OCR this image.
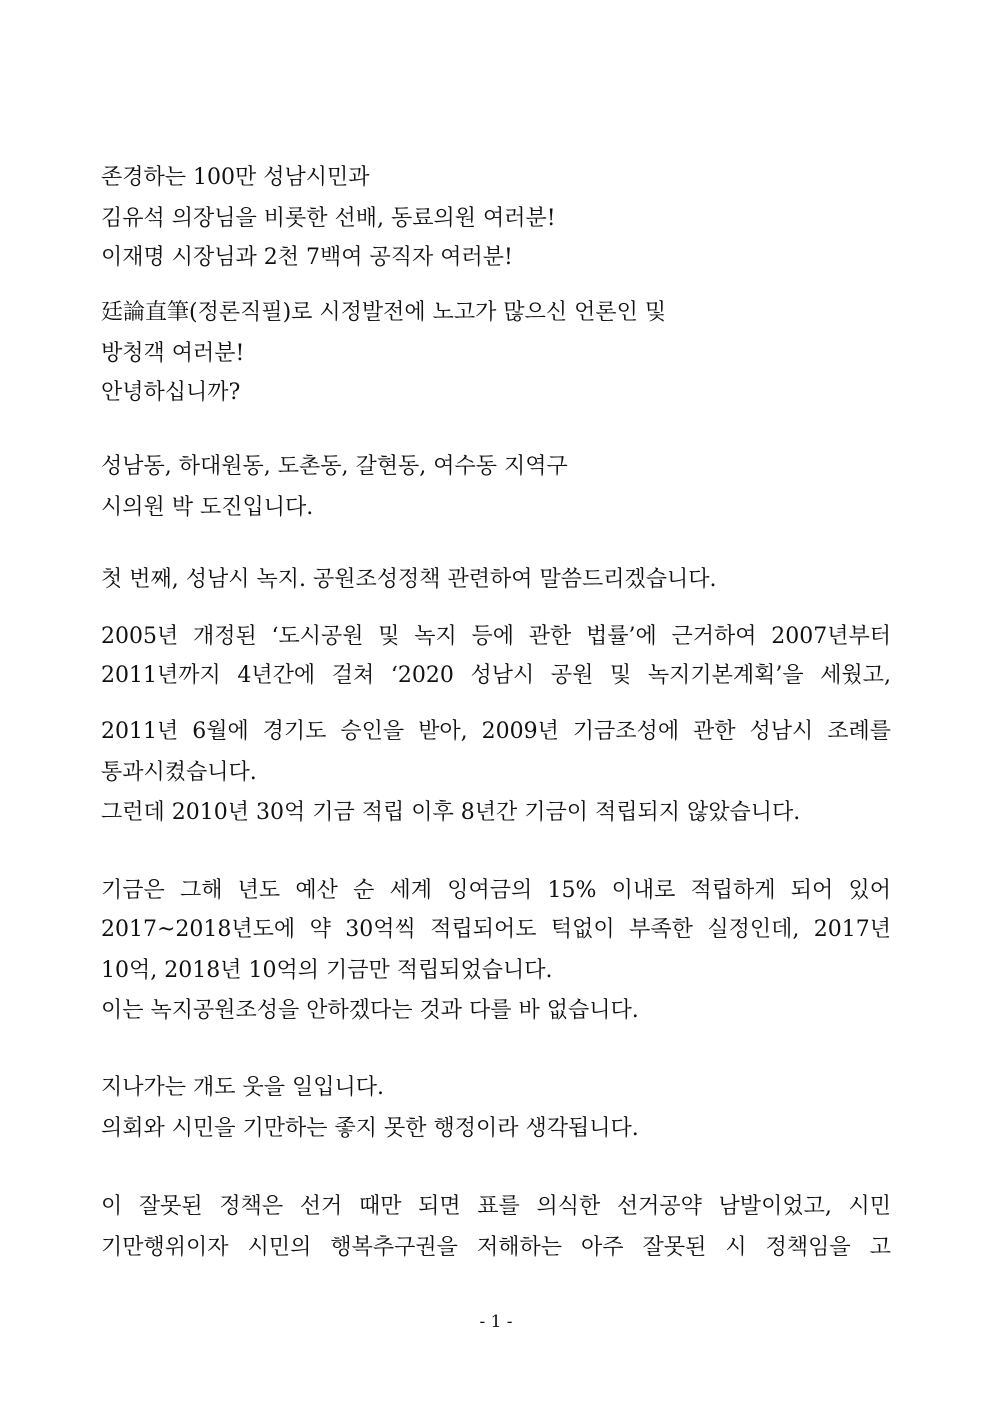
존경하는 100만 성남시민과
김유석 의장님을 비롯한 선배, 동료의원 여러분!
이재명 시장님과 2천 7백여 공직자 여러분!
廷論直筆(정론직필)로 시정발전에 노고가 많으신 언론인 및
방청객 여러분!
안녕하십니까?
성남동, 하대원동, 도촌동, 갈현동, 여수동 지역구
시의원 박 도진입니다.
첫 번째, 성남시 녹지. 공원조성정책 관련하여 말씀드리겠습니다.
2005년 개정된 ‘도시공원 및 녹지 등에 관한 법률’에 근거하여 2007년부터
2011년까지 4년간에 걸쳐 ‘2020 성남시 공원 및 녹지기본계획’을 세웠고,
2011년 6월에 경기도 승인을 받아, 2009년 기금조성에 관한 성남시 조례를
통과시켰습니다.
그런데 2010년 30억 기금 적립 이후 8년간 기금이 적립되지 않았습니다.
기금은 그해 년도 예산 순 세계 잉여금의 15% 이내로 적립하게 되어 있어
2017~2018년도에 약 30억씩 적립되어도 턱없이 부족한 실정인데, 2017년
10억, 2018년 10억의 기금만 적립되었습니다.
이는 녹지공원조성을 안하겠다는 것과 다를 바 없습니다.
지나가는 개도 웃을 일입니다.
의회와 시민을 기만하는 좋지 못한 행정이라 생각됩니다.
이 잘못된 정책은 선거 때만 되면 표를 의식한 선거공약 남발이었고, 시민
기만행위이자 시민의 행복추구권을 저해하는 아주 잘못된 시 정책임을 고
- 1 -
